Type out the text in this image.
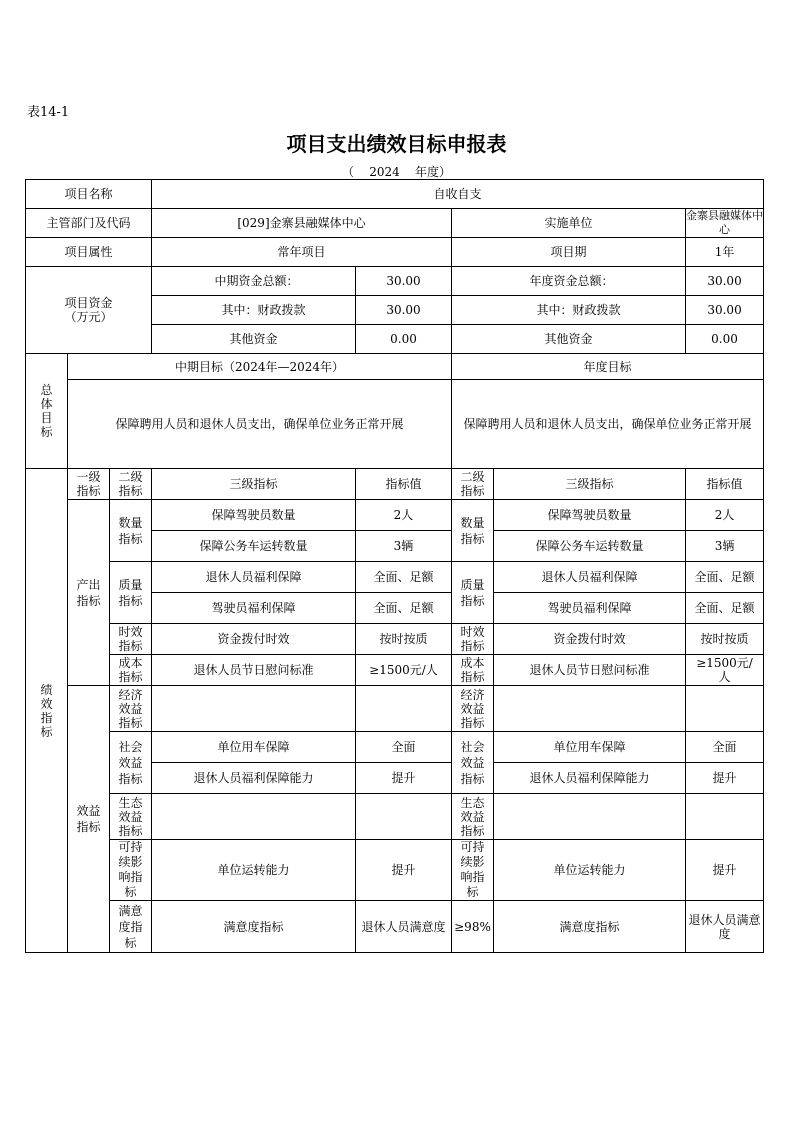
表14-1
项目支出绩效目标申报表
（ 2024 年度）
项目名称			自收自支					
主管部门及代码			[029]金寨县融媒体中心		实施单位		金寨县融媒体中心	
项目属性			常年项目		项目期		1年	

项目资金
（万元）			中期资金总额：	30.00	年度资金总额：		30.00	
			其中：财政拨款	30.00	其中：财政拨款		30.00	
			其他资金	0.00	其他资金		0.00	
总体目标	中期目标（2024年—2024年）				年度目标			
	保障聘用人员和退休人员支出，确保单位业务正常开展				保障聘用人员和退休人员支出，确保单位业务正常开展			
绩效指标	一级指标	二级指标	三级指标	指标值	二级指标	三级指标	指标值	
	产出指标	数量指标	保障驾驶员数量	2人	数量指标	保障驾驶员数量	2人	
			保障公务车运转数量	3辆		保障公务车运转数量	3辆	
		质量指标	退休人员福利保障	全面、足额	质量指标	退休人员福利保障	全面、足额	
			驾驶员福利保障	全面、足额		驾驶员福利保障	全面、足额	
		时效指标	资金拨付时效	按时按质	时效指标	资金拨付时效	按时按质	
		成本指标	退休人员节日慰问标准	≥1500元/人	成本指标	退休人员节日慰问标准	≥1500元/人	
	效益指标	经济效益指标			经济效益指标			
		社会效益指标	单位用车保障	全面	社会效益指标	单位用车保障	全面	
			退休人员福利保障能力	提升		退休人员福利保障能力	提升	
		生态效益指标			生态效益指标			
		可持续影响指标	单位运转能力	提升	可持续影响指标	单位运转能力	提升	
		满意度指标	满意度指标	退休人员满意度	≥98%	满意度指标	退休人员满意度	
